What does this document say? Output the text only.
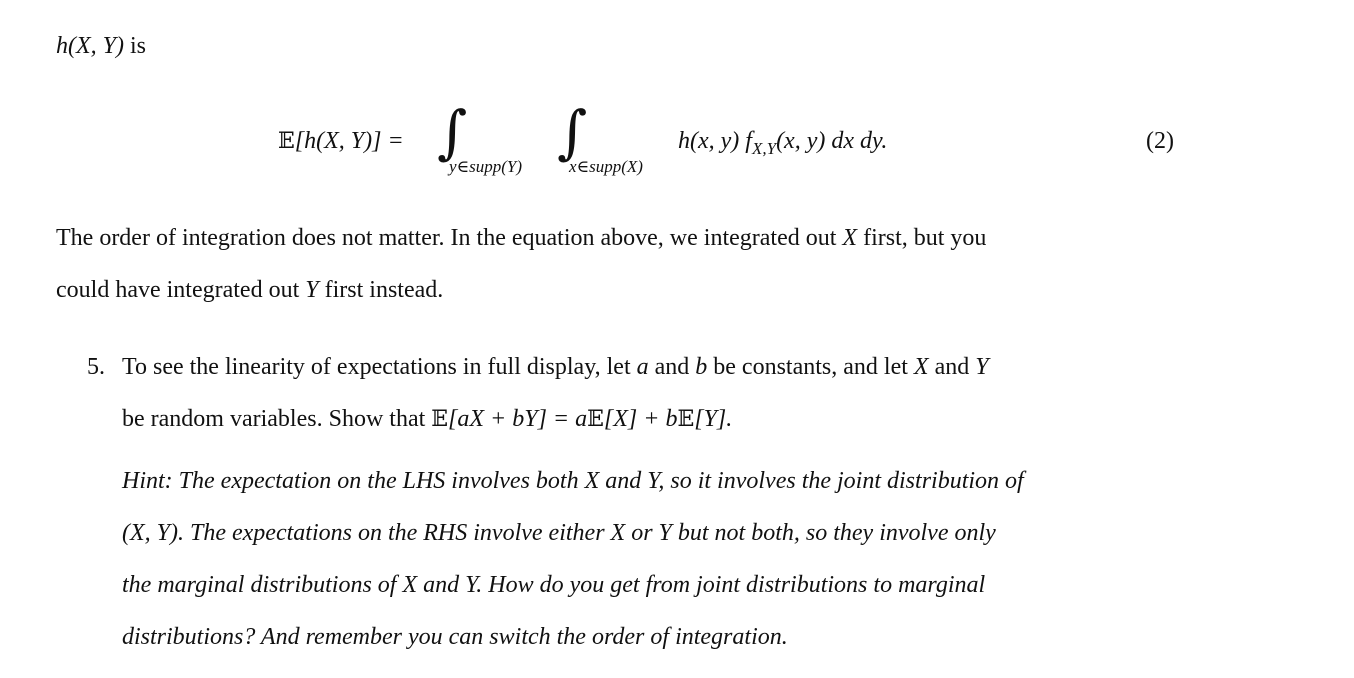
h(X, Y) is
𝔼[h(X, Y)] = ∫
y∈supp(Y)
∫
x∈supp(X)
h(x, y) $f_{X,Y}(x$, y) dx dy.	(2)
The order of integration does not matter. In the equation above, we integrated out X first, but you
could have integrated out Y first instead.
5. To see the linearity of expectations in full display, let a and b be constants, and let X and Y
be random variables. Show that 𝔼[aX + bY] = a𝔼[X] + b𝔼[Y].
Hint: The expectation on the LHS involves both X and Y, so it involves the joint distribution of
(X, Y). The expectations on the RHS involve either X or Y but not both, so they involve only
the marginal distributions of X and Y. How do you get from joint distributions to marginal
distributions? And remember you can switch the order of integration.
